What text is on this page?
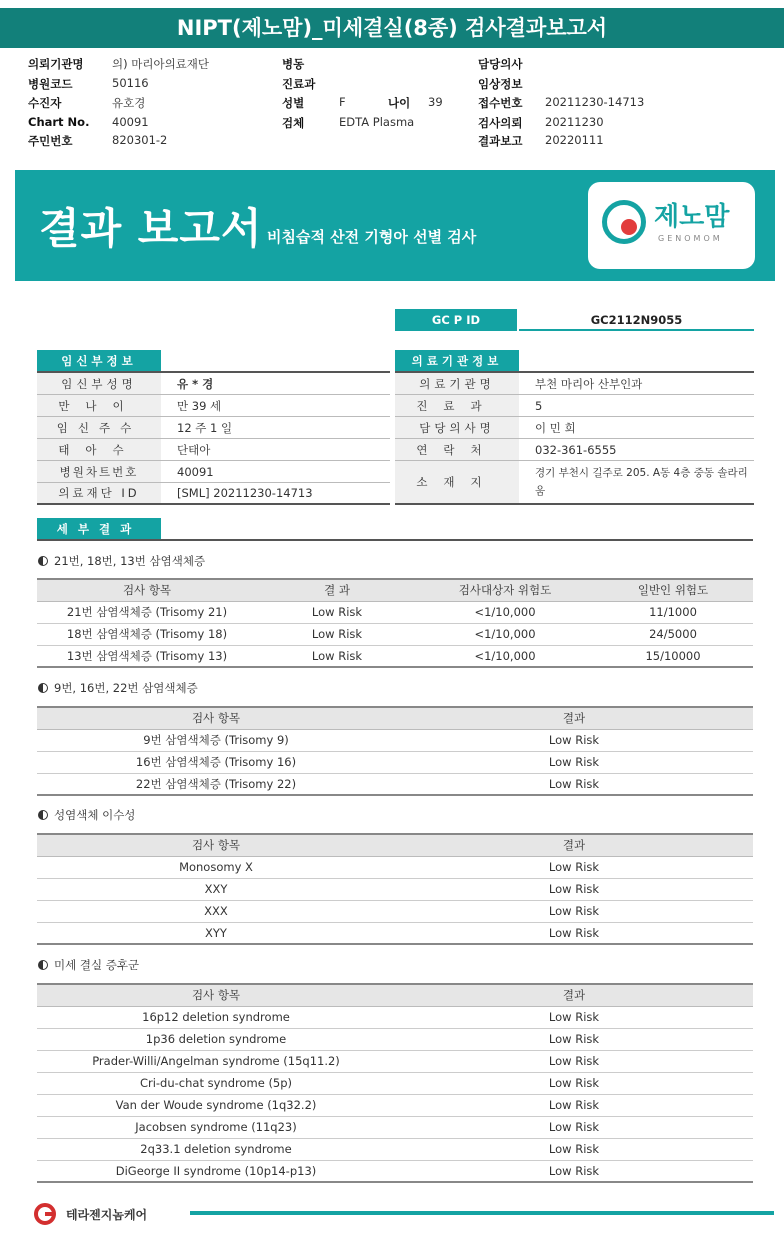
NIPT(제노맘)_미세결실(8종) 검사결과보고서
의뢰기관명 의) 마리아의료재단	병동	담당의사
병원코드	50116	진료과	임상정보
수진자	유호경	성별	F	나이 39	접수번호 20211230-14713
Chart No. 40091	검체	EDTA Plasma	검사의뢰 20211230
주민번호	820301-2	결과보고 20220111
결과 보고서 비침습적 산전 기형아 선별 검사
제노맘
GENOMOM
GC P ID	GC2112N9055
임신부정보	의료기관정보
임신부성명	유 * 경
만나이	만 39 세
임신주수	12 주 1 일
태아수	단태아
병원차트번호	40091
의료재단 ID	[SML] 20211230-14713
의료기관명	부천 마리아 산부인과
진료과	5
담당의사명	이 민 희
연락처	032-361-6555
소재지
경기 부천시 길주로 205. A동 4층 중동 솔라리움
세부결과
21번, 18번, 13번 삼염색체증
검사 항목	결 과	검사대상자 위험도	일반인 위험도
21번 삼염색체증 (Trisomy 21)	Low Risk	<1/10,000	11/1000
18번 삼염색체증 (Trisomy 18)	Low Risk	<1/10,000	24/5000
13번 삼염색체증 (Trisomy 13)	Low Risk	<1/10,000	15/10000
9번, 16번, 22번 삼염색체증
검사 항목	결과
9번 삼염색체증 (Trisomy 9)	Low Risk
16번 삼염색체증 (Trisomy 16)	Low Risk
22번 삼염색체증 (Trisomy 22)	Low Risk
성염색체 이수성
검사 항목	결과
Monosomy X	Low Risk
XXY	Low Risk
XXX	Low Risk
XYY	Low Risk
미세 결실 증후군
검사 항목	결과
16p12 deletion syndrome	Low Risk
1p36 deletion syndrome	Low Risk
Prader-Willi/Angelman syndrome (15q11.2)	Low Risk
Cri-du-chat syndrome (5p)	Low Risk
Van der Woude syndrome (1q32.2)	Low Risk
Jacobsen syndrome (11q23)	Low Risk
2q33.1 deletion syndrome	Low Risk
DiGeorge II syndrome (10p14-p13)	Low Risk
테라젠지놈케어
